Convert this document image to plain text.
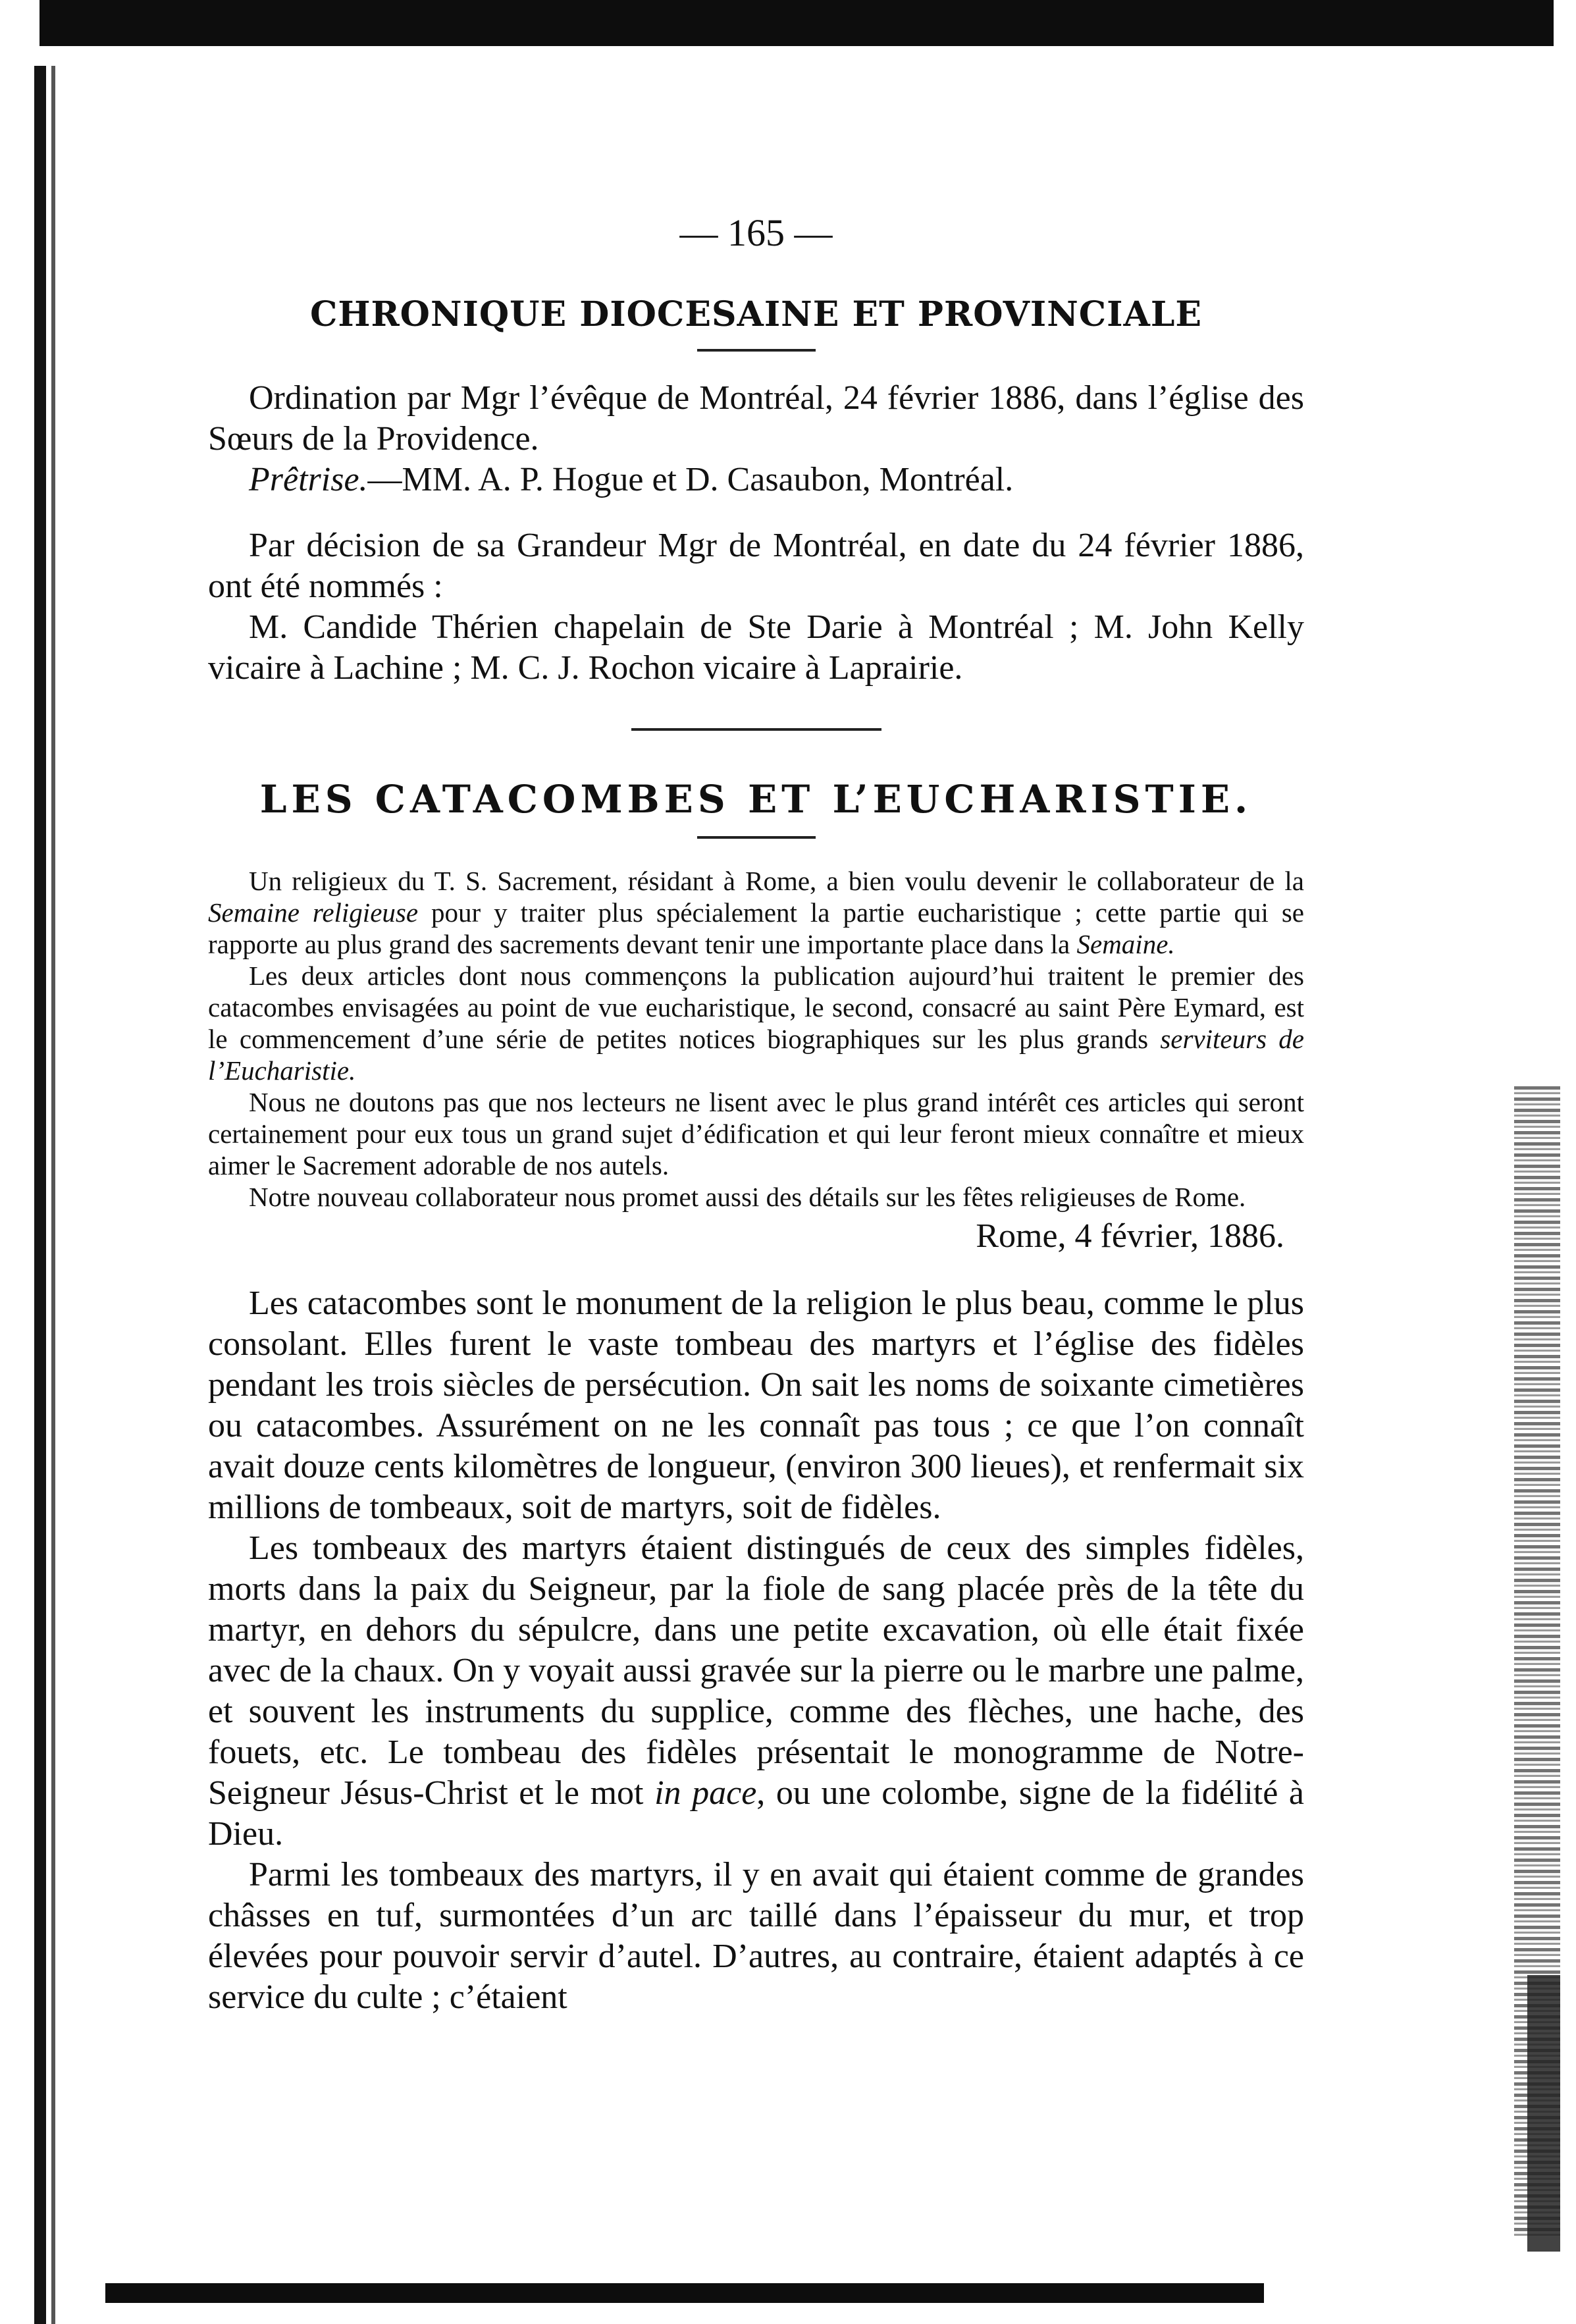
— 165 —
CHRONIQUE DIOCESAINE ET PROVINCIALE

Ordination par Mgr l’évêque de Montréal, 24 février 1886, dans l’église des Sœurs de la Providence.

Prêtrise.—MM. A. P. Hogue et D. Casaubon, Montréal.

Par décision de sa Grandeur Mgr de Montréal, en date du 24 février 1886, ont été nommés :

M. Candide Thérien chapelain de Ste Darie à Montréal ; M. John Kelly vicaire à Lachine ; M. C. J. Rochon vicaire à Laprairie.

LES CATACOMBES ET L’EUCHARISTIE.

Un religieux du T. S. Sacrement, résidant à Rome, a bien voulu devenir le collaborateur de la Semaine religieuse pour y traiter plus spécialement la partie eucharistique ; cette partie qui se rapporte au plus grand des sacrements devant tenir une importante place dans la Semaine.

Les deux articles dont nous commençons la publication aujourd’hui traitent le premier des catacombes envisagées au point de vue eucharistique, le second, consacré au saint Père Eymard, est le commencement d’une série de petites notices biographiques sur les plus grands serviteurs de l’Eucharistie.

Nous ne doutons pas que nos lecteurs ne lisent avec le plus grand intérêt ces articles qui seront certainement pour eux tous un grand sujet d’édification et qui leur feront mieux connaître et mieux aimer le Sacrement adorable de nos autels.

Notre nouveau collaborateur nous promet aussi des détails sur les fêtes religieuses de Rome.

Rome, 4 février, 1886.

Les catacombes sont le monument de la religion le plus beau, comme le plus consolant. Elles furent le vaste tombeau des martyrs et l’église des fidèles pendant les trois siècles de persécution. On sait les noms de soixante cimetières ou catacombes. Assurément on ne les connaît pas tous ; ce que l’on connaît avait douze cents kilomètres de longueur, (environ 300 lieues), et renfermait six millions de tombeaux, soit de martyrs, soit de fidèles.

Les tombeaux des martyrs étaient distingués de ceux des simples fidèles, morts dans la paix du Seigneur, par la fiole de sang placée près de la tête du martyr, en dehors du sépulcre, dans une petite excavation, où elle était fixée avec de la chaux. On y voyait aussi gravée sur la pierre ou le marbre une palme, et souvent les instruments du supplice, comme des flèches, une hache, des fouets, etc. Le tombeau des fidèles présentait le monogramme de Notre-Seigneur Jésus-Christ et le mot in pace, ou une colombe, signe de la fidélité à Dieu.

Parmi les tombeaux des martyrs, il y en avait qui étaient comme de grandes châsses en tuf, surmontées d’un arc taillé dans l’épaisseur du mur, et trop élevées pour pouvoir servir d’autel. D’autres, au contraire, étaient adaptés à ce service du culte ; c’étaient
